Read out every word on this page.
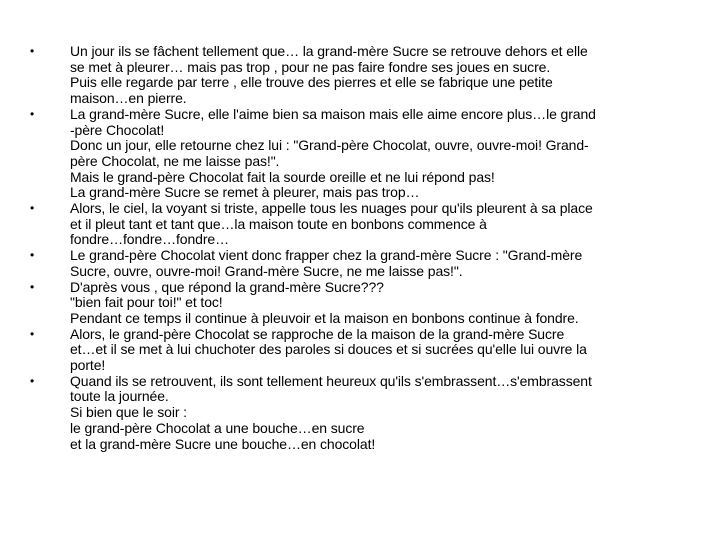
•	Un jour ils se fâchent tellement que… la grand-mère Sucre se retrouve dehors et elle
se met à pleurer… mais pas trop , pour ne pas faire fondre ses joues en sucre.
Puis elle regarde par terre , elle trouve des pierres et elle se fabrique une petite
maison…en pierre.
•	La grand-mère Sucre, elle l'aime bien sa maison mais elle aime encore plus…le grand
-père Chocolat!
Donc un jour, elle retourne chez lui : "Grand-père Chocolat, ouvre, ouvre-moi! Grand-
père Chocolat, ne me laisse pas!".
Mais le grand-père Chocolat fait la sourde oreille et ne lui répond pas!
La grand-mère Sucre se remet à pleurer, mais pas trop…
•	Alors, le ciel, la voyant si triste, appelle tous les nuages pour qu'ils pleurent à sa place
et il pleut tant et tant que…la maison toute en bonbons commence à
fondre…fondre…fondre…
•	Le grand-père Chocolat vient donc frapper chez la grand-mère Sucre : "Grand-mère
Sucre, ouvre, ouvre-moi! Grand-mère Sucre, ne me laisse pas!".
•	D'après vous , que répond la grand-mère Sucre???
"bien fait pour toi!" et toc!
Pendant ce temps il continue à pleuvoir et la maison en bonbons continue à fondre.
•	Alors, le grand-père Chocolat se rapproche de la maison de la grand-mère Sucre
et…et il se met à lui chuchoter des paroles si douces et si sucrées qu'elle lui ouvre la
porte!
•	Quand ils se retrouvent, ils sont tellement heureux qu'ils s'embrassent…s'embrassent
toute la journée.
Si bien que le soir :
le grand-père Chocolat a une bouche…en sucre
et la grand-mère Sucre une bouche…en chocolat!
